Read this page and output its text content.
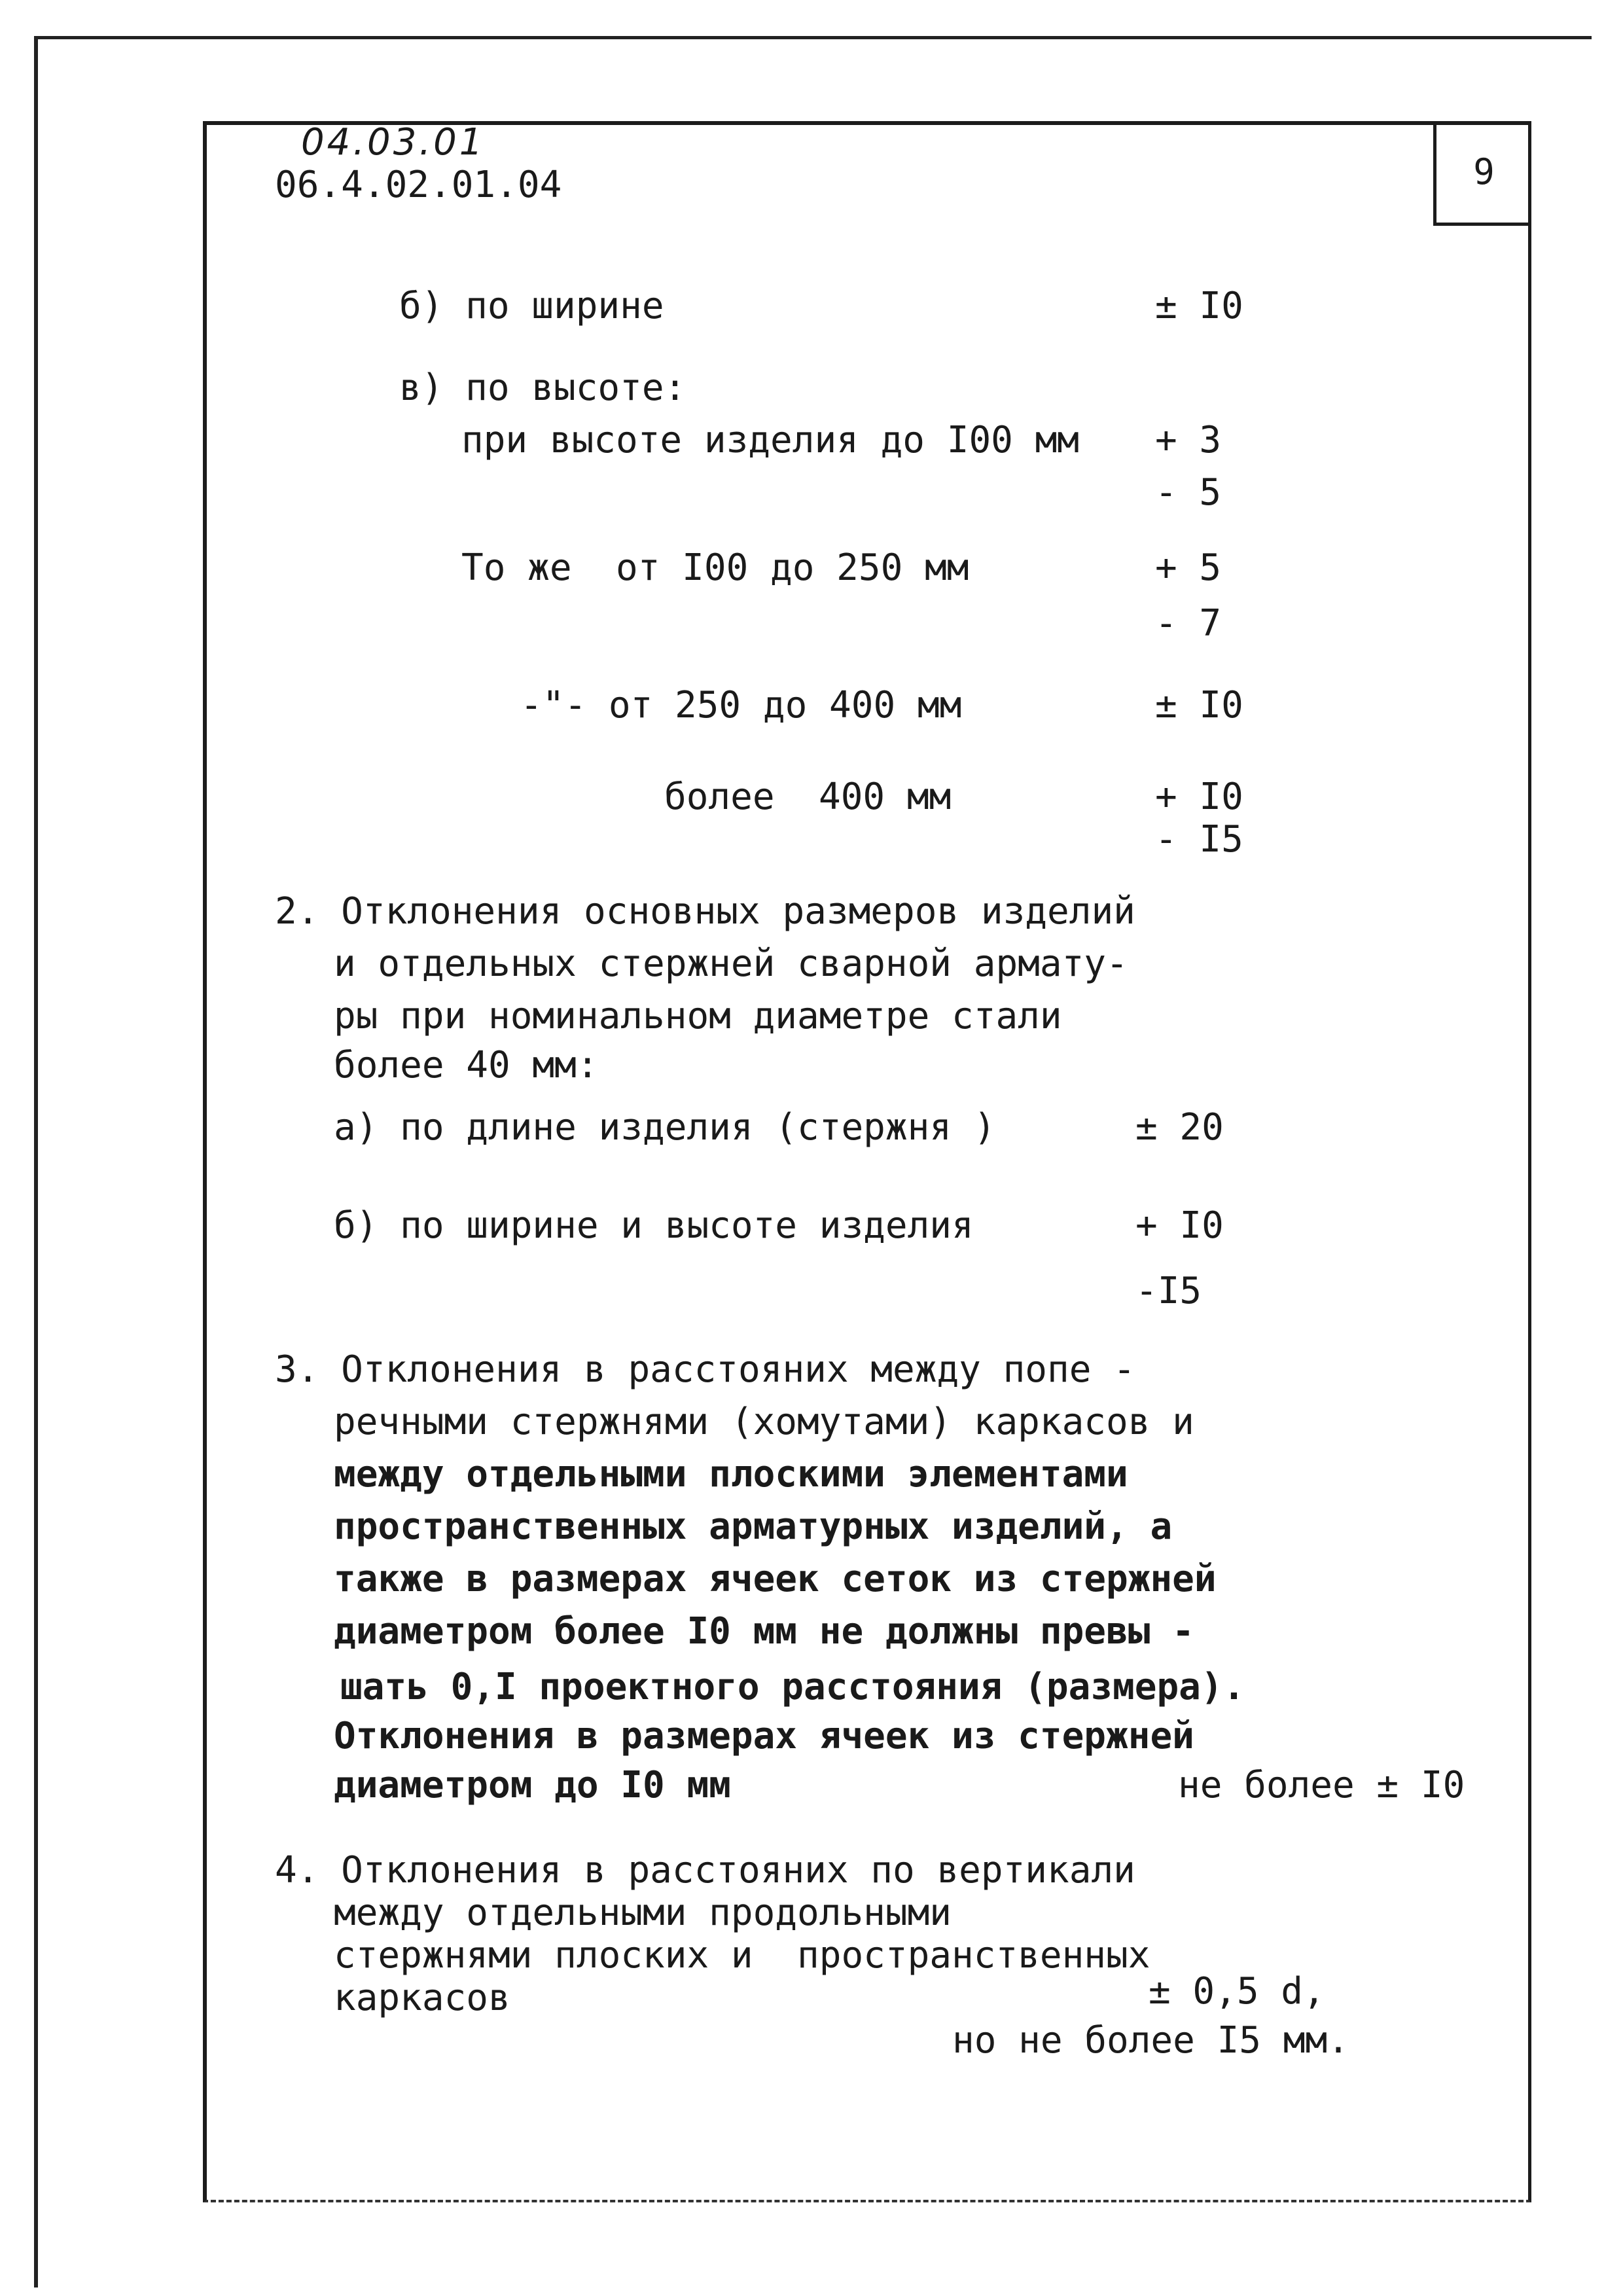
9
04.03.01
06.4.02.01.04
б) по ширине	± I0
в) по высоте:
при высоте изделия до I00 мм + 3
- 5
То же  от I00 до 250 мм	+ 5
- 7
-"- от 250 до 400 мм	± I0
более  400 мм	+ I0
- I5
2. Отклонения основных размеров изделий
и отдельных стержней сварной армату-
ры при номинальном диаметре стали
более 40 мм:
а) по длине изделия (стержня )	± 20
б) по ширине и высоте изделия	+ I0
-I5
3. Отклонения в расстояних между попе -
речными стержнями (хомутами) каркасов и
между отдельными плоскими элементами
пространственных арматурных изделий, а
также в размерах ячеек сеток из стержней
диаметром более I0 мм не должны превы -
шать 0,I проектного расстояния (размера).
Отклонения в размерах ячеек из стержней
диаметром до I0 мм	не более ± I0
4. Отклонения в расстояних по вертикали
между отдельными продольными
стержнями плоских и  пространственных
каркасов	± 0,5 d,
но не более I5 мм.
